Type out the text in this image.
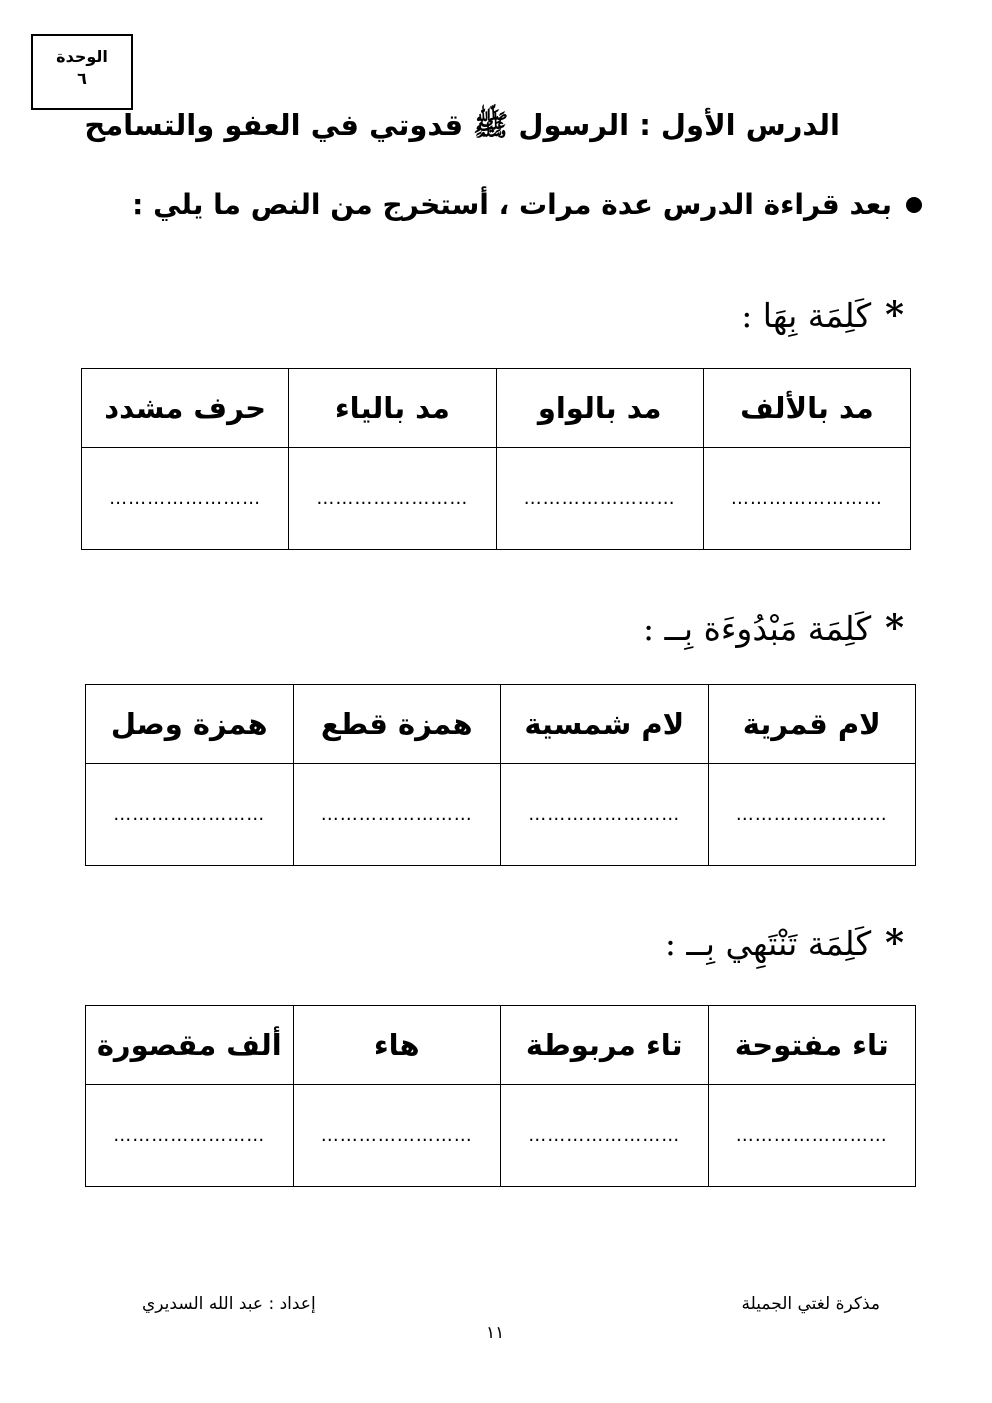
الوحدة
٦
الدرس الأول : الرسول ﷺ قدوتي في العفو والتسامح
بعد قراءة الدرس عدة مرات ، أستخرج من النص ما يلي :
*كَلِمَة بِهَا :
مد بالألف	مد بالواو	مد بالياء	حرف مشدد
……………………	……………………	……………………	……………………
*كَلِمَة مَبْدُوءَة بِــ :
لام قمرية	لام شمسية	همزة قطع	همزة وصل
……………………	……………………	……………………	……………………
*كَلِمَة تَنْتَهِي بِــ :
تاء مفتوحة	تاء مربوطة	هاء	ألف مقصورة
……………………	……………………	……………………	……………………
مذكرة لغتي الجميلة
إعداد : عبد الله السديري
١١
